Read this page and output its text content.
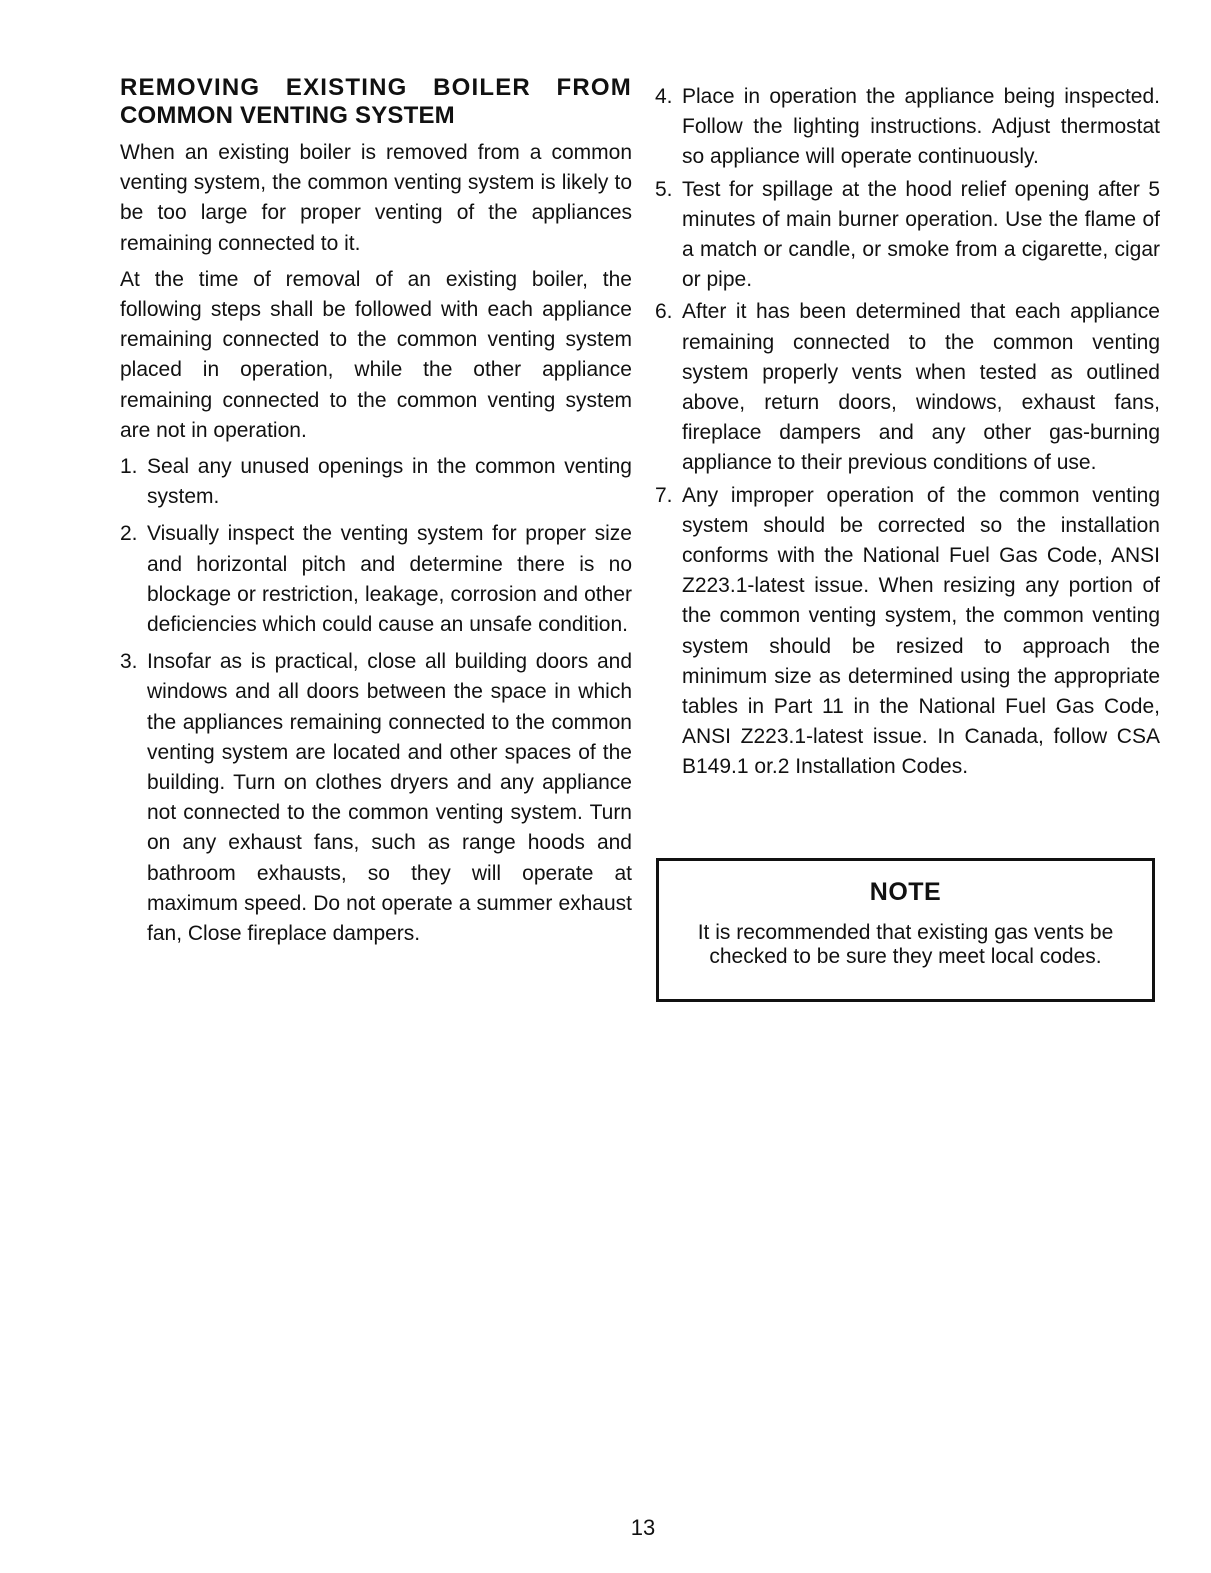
REMOVING EXISTING BOILER FROM
COMMON VENTING SYSTEM

When an existing boiler is removed from a common venting system, the common venting system is likely to be too large for proper venting of the appliances remaining connected to it.

At the time of removal of an existing boiler, the following steps shall be followed with each appliance remaining connected to the common venting system placed in operation, while the other appliance remaining connected to the common venting system are not in operation.

1. Seal any unused openings in the common venting system.
2. Visually inspect the venting system for proper size and horizontal pitch and determine there is no blockage or restriction, leakage, corrosion and other deficiencies which could cause an unsafe condition.
3. Insofar as is practical, close all building doors and windows and all doors between the space in which the appliances remaining connected to the common venting system are located and other spaces of the building. Turn on clothes dryers and any appliance not connected to the common venting system. Turn on any exhaust fans, such as range hoods and bathroom exhausts, so they will operate at maximum speed. Do not operate a summer exhaust fan, Close fireplace dampers.
4. Place in operation the appliance being inspected. Follow the lighting instructions. Adjust thermostat so appliance will operate continuously.
5. Test for spillage at the hood relief opening after 5 minutes of main burner operation. Use the flame of a match or candle, or smoke from a cigarette, cigar or pipe.
6. After it has been determined that each appliance remaining connected to the common venting system properly vents when tested as outlined above, return doors, windows, exhaust fans, fireplace dampers and any other gas-burning appliance to their previous conditions of use.
7. Any improper operation of the common venting system should be corrected so the installation conforms with the National Fuel Gas Code, ANSI Z223.1-latest issue. When resizing any portion of the common venting system, the common venting system should be resized to approach the minimum size as determined using the appropriate tables in Part 11 in the National Fuel Gas Code, ANSI Z223.1-latest issue. In Canada, follow CSA B149.1 or.2 Installation Codes.
NOTE
It is recommended that existing gas vents be checked to be sure they meet local codes.
13
